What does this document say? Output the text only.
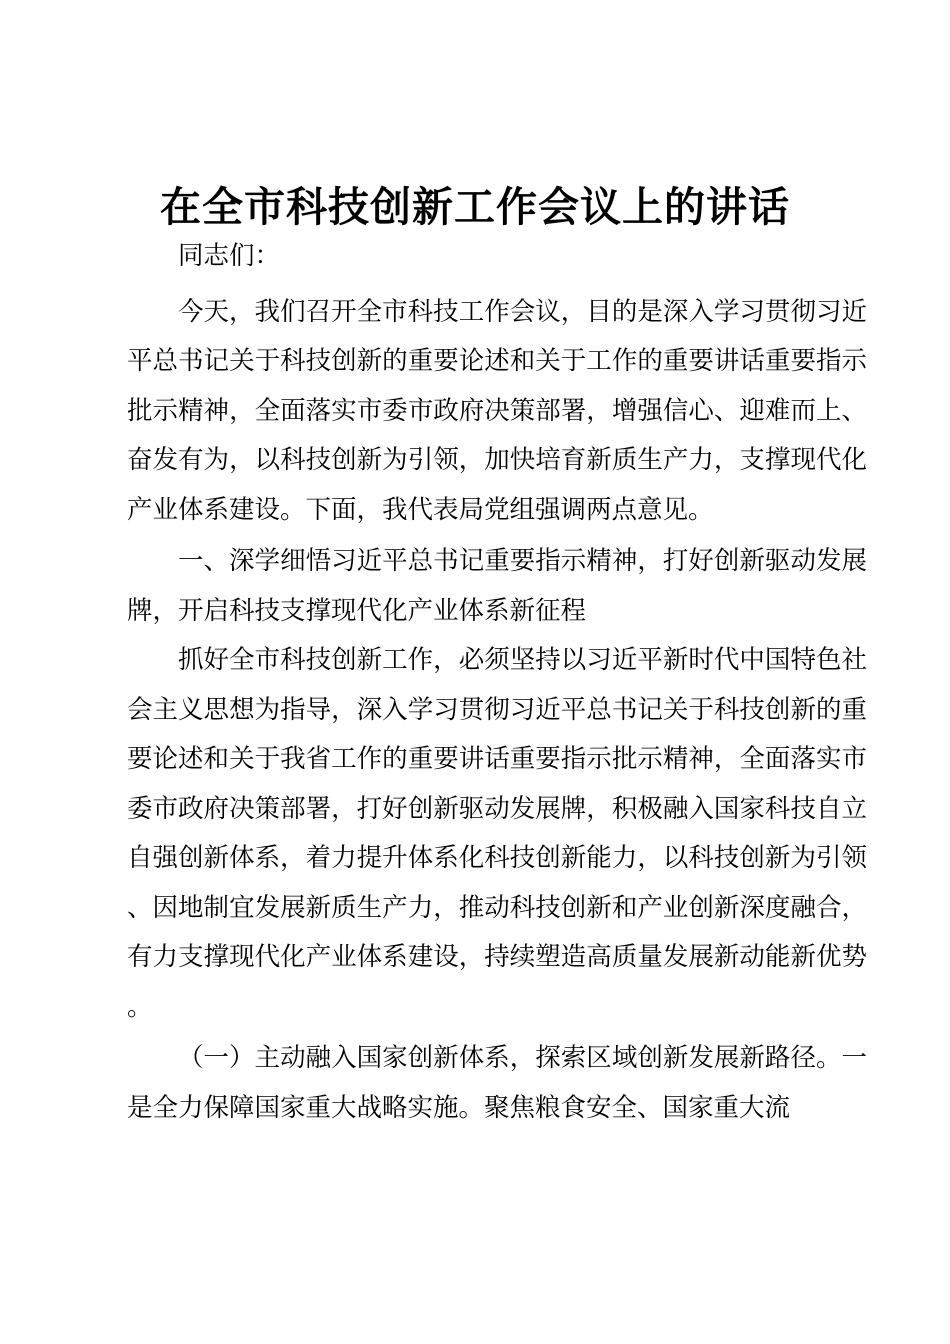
在全市科技创新工作会议上的讲话

同志们：

今天，我们召开全市科技工作会议，目的是深入学习贯彻习近平总书记关于科技创新的重要论述和关于工作的重要讲话重要指示批示精神，全面落实市委市政府决策部署，增强信心、迎难而上、奋发有为，以科技创新为引领，加快培育新质生产力，支撑现代化产业体系建设。下面，我代表局党组强调两点意见。

一、深学细悟习近平总书记重要指示精神，打好创新驱动发展牌，开启科技支撑现代化产业体系新征程

抓好全市科技创新工作，必须坚持以习近平新时代中国特色社会主义思想为指导，深入学习贯彻习近平总书记关于科技创新的重要论述和关于我省工作的重要讲话重要指示批示精神，全面落实市委市政府决策部署，打好创新驱动发展牌，积极融入国家科技自立自强创新体系，着力提升体系化科技创新能力，以科技创新为引领、因地制宜发展新质生产力，推动科技创新和产业创新深度融合，有力支撑现代化产业体系建设，持续塑造高质量发展新动能新优势。

（一）主动融入国家创新体系，探索区域创新发展新路径。一是全力保障国家重大战略实施。聚焦粮食安全、国家重大流
